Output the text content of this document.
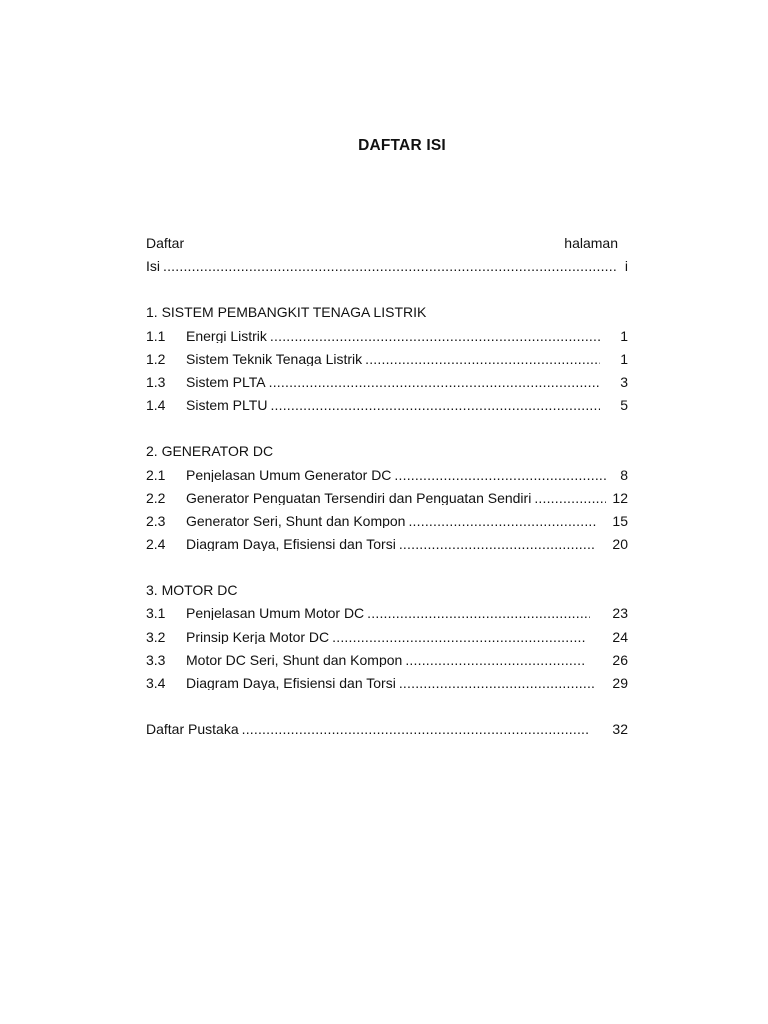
DAFTAR ISI
Daftar	halaman
Isi .....	i
1. SISTEM PEMBANGKIT TENAGA LISTRIK
1.1	Energi Listrik .....	1
1.2	Sistem Teknik Tenaga Listrik .....	1
1.3	Sistem PLTA .....	3
1.4	Sistem PLTU .....	5
2. GENERATOR DC
2.1	Penjelasan Umum Generator DC .....	8
2.2	Generator Penguatan Tersendiri dan Penguatan Sendiri .....	12
2.3	Generator Seri, Shunt dan Kompon .....	15
2.4	Diagram Daya, Efisiensi dan Torsi .....	20
3. MOTOR DC
3.1	Penjelasan Umum Motor DC .....	23
3.2	Prinsip Kerja Motor DC .....	24
3.3	Motor DC Seri, Shunt dan Kompon .....	26
3.4	Diagram Daya, Efisiensi dan Torsi .....	29
Daftar Pustaka .....	32
